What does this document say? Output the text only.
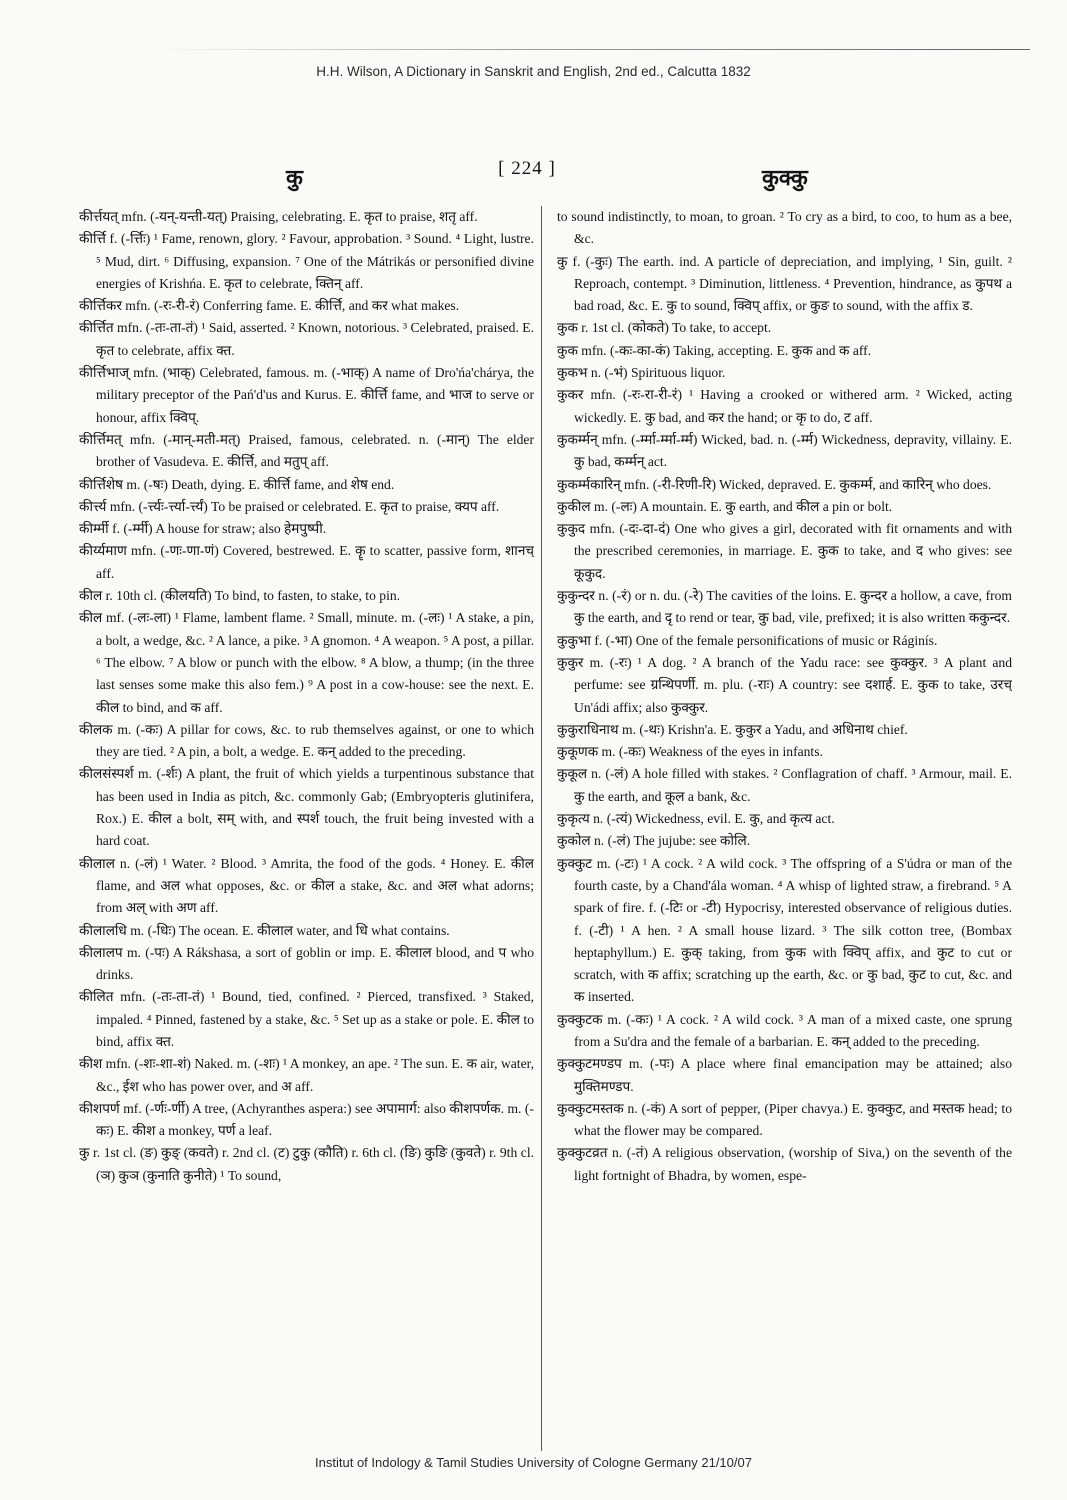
H.H. Wilson, A Dictionary in Sanskrit and English, 2nd ed., Calcutta 1832
कु	[ 224 ]	कुक्कु

कीर्त्तयत् mfn. (-यन्-यन्ती-यत्) Praising, celebrating. E. कृत to praise, शतृ aff.

कीर्त्ति f. (-र्त्तिः) ¹ Fame, renown, glory. ² Favour, approbation. ³ Sound. ⁴ Light, lustre. ⁵ Mud, dirt. ⁶ Diffusing, expansion. ⁷ One of the Mátrikás or personified divine energies of Krishńa. E. कृत to celebrate, क्तिन् aff.

कीर्त्तिकर mfn. (-रः-री-रं) Conferring fame. E. कीर्त्ति, and कर what makes.

कीर्त्तित mfn. (-तः-ता-तं) ¹ Said, asserted. ² Known, notorious. ³ Celebrated, praised. E. कृत to celebrate, affix क्त.

कीर्त्तिभाज् mfn. (भाक्) Celebrated, famous. m. (-भाक्) A name of Dro'ńa'chárya, the military preceptor of the Pań'd'us and Kurus. E. कीर्त्ति fame, and भाज to serve or honour, affix क्विप्.

कीर्त्तिमत् mfn. (-मान्-मती-मत्) Praised, famous, celebrated. n. (-मान्) The elder brother of Vasudeva. E. कीर्त्ति, and मतुप् aff.

कीर्त्तिशेष m. (-षः) Death, dying. E. कीर्त्ति fame, and शेष end.

कीर्त्त्य mfn. (-र्त्त्यः-र्त्त्या-र्त्त्यं) To be praised or celebrated. E. कृत to praise, क्यप aff.

कीर्म्मी f. (-र्म्मी) A house for straw; also हेमपुष्पी.

कीर्य्यमाण mfn. (-णः-णा-णं) Covered, bestrewed. E. कॄ to scatter, passive form, शानच् aff.

कील r. 10th cl. (कीलयति) To bind, to fasten, to stake, to pin.

कील mf. (-लः-ला) ¹ Flame, lambent flame. ² Small, minute. m. (-लः) ¹ A stake, a pin, a bolt, a wedge, &c. ² A lance, a pike. ³ A gnomon. ⁴ A weapon. ⁵ A post, a pillar. ⁶ The elbow. ⁷ A blow or punch with the elbow. ⁸ A blow, a thump; (in the three last senses some make this also fem.) ⁹ A post in a cow-house: see the next. E. कील to bind, and क aff.

कीलक m. (-कः) A pillar for cows, &c. to rub themselves against, or one to which they are tied. ² A pin, a bolt, a wedge. E. कन् added to the preceding.

कीलसंस्पर्श m. (-र्शः) A plant, the fruit of which yields a turpentinous substance that has been used in India as pitch, &c. commonly Gab; (Embryopteris glutinifera, Rox.) E. कील a bolt, सम् with, and स्पर्श touch, the fruit being invested with a hard coat.

कीलाल n. (-लं) ¹ Water. ² Blood. ³ Amrita, the food of the gods. ⁴ Honey. E. कील flame, and अल what opposes, &c. or कील a stake, &c. and अल what adorns; from अल् with अण aff.

कीलालधि m. (-धिः) The ocean. E. कीलाल water, and धि what contains.

कीलालप m. (-पः) A Rákshasa, a sort of goblin or imp. E. कीलाल blood, and प who drinks.

कीलित mfn. (-तः-ता-तं) ¹ Bound, tied, confined. ² Pierced, transfixed. ³ Staked, impaled. ⁴ Pinned, fastened by a stake, &c. ⁵ Set up as a stake or pole. E. कील to bind, affix क्त.

कीश mfn. (-शः-शा-शं) Naked. m. (-शः) ¹ A monkey, an ape. ² The sun. E. क air, water, &c., ईश who has power over, and अ aff.

कीशपर्ण mf. (-र्णः-र्णी) A tree, (Achyranthes aspera:) see अपामार्ग: also कीशपर्णक. m. (-कः) E. कीश a monkey, पर्ण a leaf.

कु r. 1st cl. (ङ) कुङ् (कवते) r. 2nd cl. (ट) टुकु (कौति) r. 6th cl. (ङि) कुङि (कुवते) r. 9th cl. (ञ) कुञ (कुनाति कुनीते) ¹ To sound,

to sound indistinctly, to moan, to groan. ² To cry as a bird, to coo, to hum as a bee, &c.

कु f. (-कुः) The earth. ind. A particle of depreciation, and implying, ¹ Sin, guilt. ² Reproach, contempt. ³ Diminution, littleness. ⁴ Prevention, hindrance, as कुपथ a bad road, &c. E. कु to sound, क्विप् affix, or कुङ to sound, with the affix ड.

कुक r. 1st cl. (कोकते) To take, to accept.

कुक mfn. (-कः-का-कं) Taking, accepting. E. कुक and क aff.

कुकभ n. (-भं) Spirituous liquor.

कुकर mfn. (-रः-रा-री-रं) ¹ Having a crooked or withered arm. ² Wicked, acting wickedly. E. कु bad, and कर the hand; or कृ to do, ट aff.

कुकर्म्मन् mfn. (-र्म्मा-र्म्मा-र्म्म) Wicked, bad. n. (-र्म्म) Wickedness, depravity, villainy. E. कु bad, कर्म्मन् act.

कुकर्म्मकारिन् mfn. (-री-रिणी-रि) Wicked, depraved. E. कुकर्म्म, and कारिन् who does.

कुकील m. (-लः) A mountain. E. कु earth, and कील a pin or bolt.

कुकुद mfn. (-दः-दा-दं) One who gives a girl, decorated with fit ornaments and with the prescribed ceremonies, in marriage. E. कुक to take, and द who gives: see कूकुद.

कुकुन्दर n. (-रं) or n. du. (-रे) The cavities of the loins. E. कुन्दर a hollow, a cave, from कु the earth, and दृ to rend or tear, कु bad, vile, prefixed; it is also written ककुन्दर.

कुकुभा f. (-भा) One of the female personifications of music or Ráginís.

कुकुर m. (-रः) ¹ A dog. ² A branch of the Yadu race: see कुक्कुर. ³ A plant and perfume: see ग्रन्थिपर्णी. m. plu. (-राः) A country: see दशार्ह. E. कुक to take, उरच् Un'ádi affix; also कुक्कुर.

कुकुराधिनाथ m. (-थः) Krishn'a. E. कुकुर a Yadu, and अधिनाथ chief.

कुकूणक m. (-कः) Weakness of the eyes in infants.

कुकूल n. (-लं) A hole filled with stakes. ² Conflagration of chaff. ³ Armour, mail. E. कु the earth, and कूल a bank, &c.

कुकृत्य n. (-त्यं) Wickedness, evil. E. कु, and कृत्य act.

कुकोल n. (-लं) The jujube: see कोलि.

कुक्कुट m. (-टः) ¹ A cock. ² A wild cock. ³ The offspring of a S'údra or man of the fourth caste, by a Chand'ála woman. ⁴ A whisp of lighted straw, a firebrand. ⁵ A spark of fire. f. (-टिः or -टी) Hypocrisy, interested observance of religious duties. f. (-टी) ¹ A hen. ² A small house lizard. ³ The silk cotton tree, (Bombax heptaphyllum.) E. कुक् taking, from कुक with क्विप् affix, and कुट to cut or scratch, with क affix; scratching up the earth, &c. or कु bad, कुट to cut, &c. and क inserted.

कुक्कुटक m. (-कः) ¹ A cock. ² A wild cock. ³ A man of a mixed caste, one sprung from a Su'dra and the female of a barbarian. E. कन् added to the preceding.

कुक्कुटमण्डप m. (-पः) A place where final emancipation may be attained; also मुक्तिमण्डप.

कुक्कुटमस्तक n. (-कं) A sort of pepper, (Piper chavya.) E. कुक्कुट, and मस्तक head; to what the flower may be compared.

कुक्कुटव्रत n. (-तं) A religious observation, (worship of Siva,) on the seventh of the light fortnight of Bhadra, by women, espe-

Institut of Indology & Tamil Studies University of Cologne Germany 21/10/07
